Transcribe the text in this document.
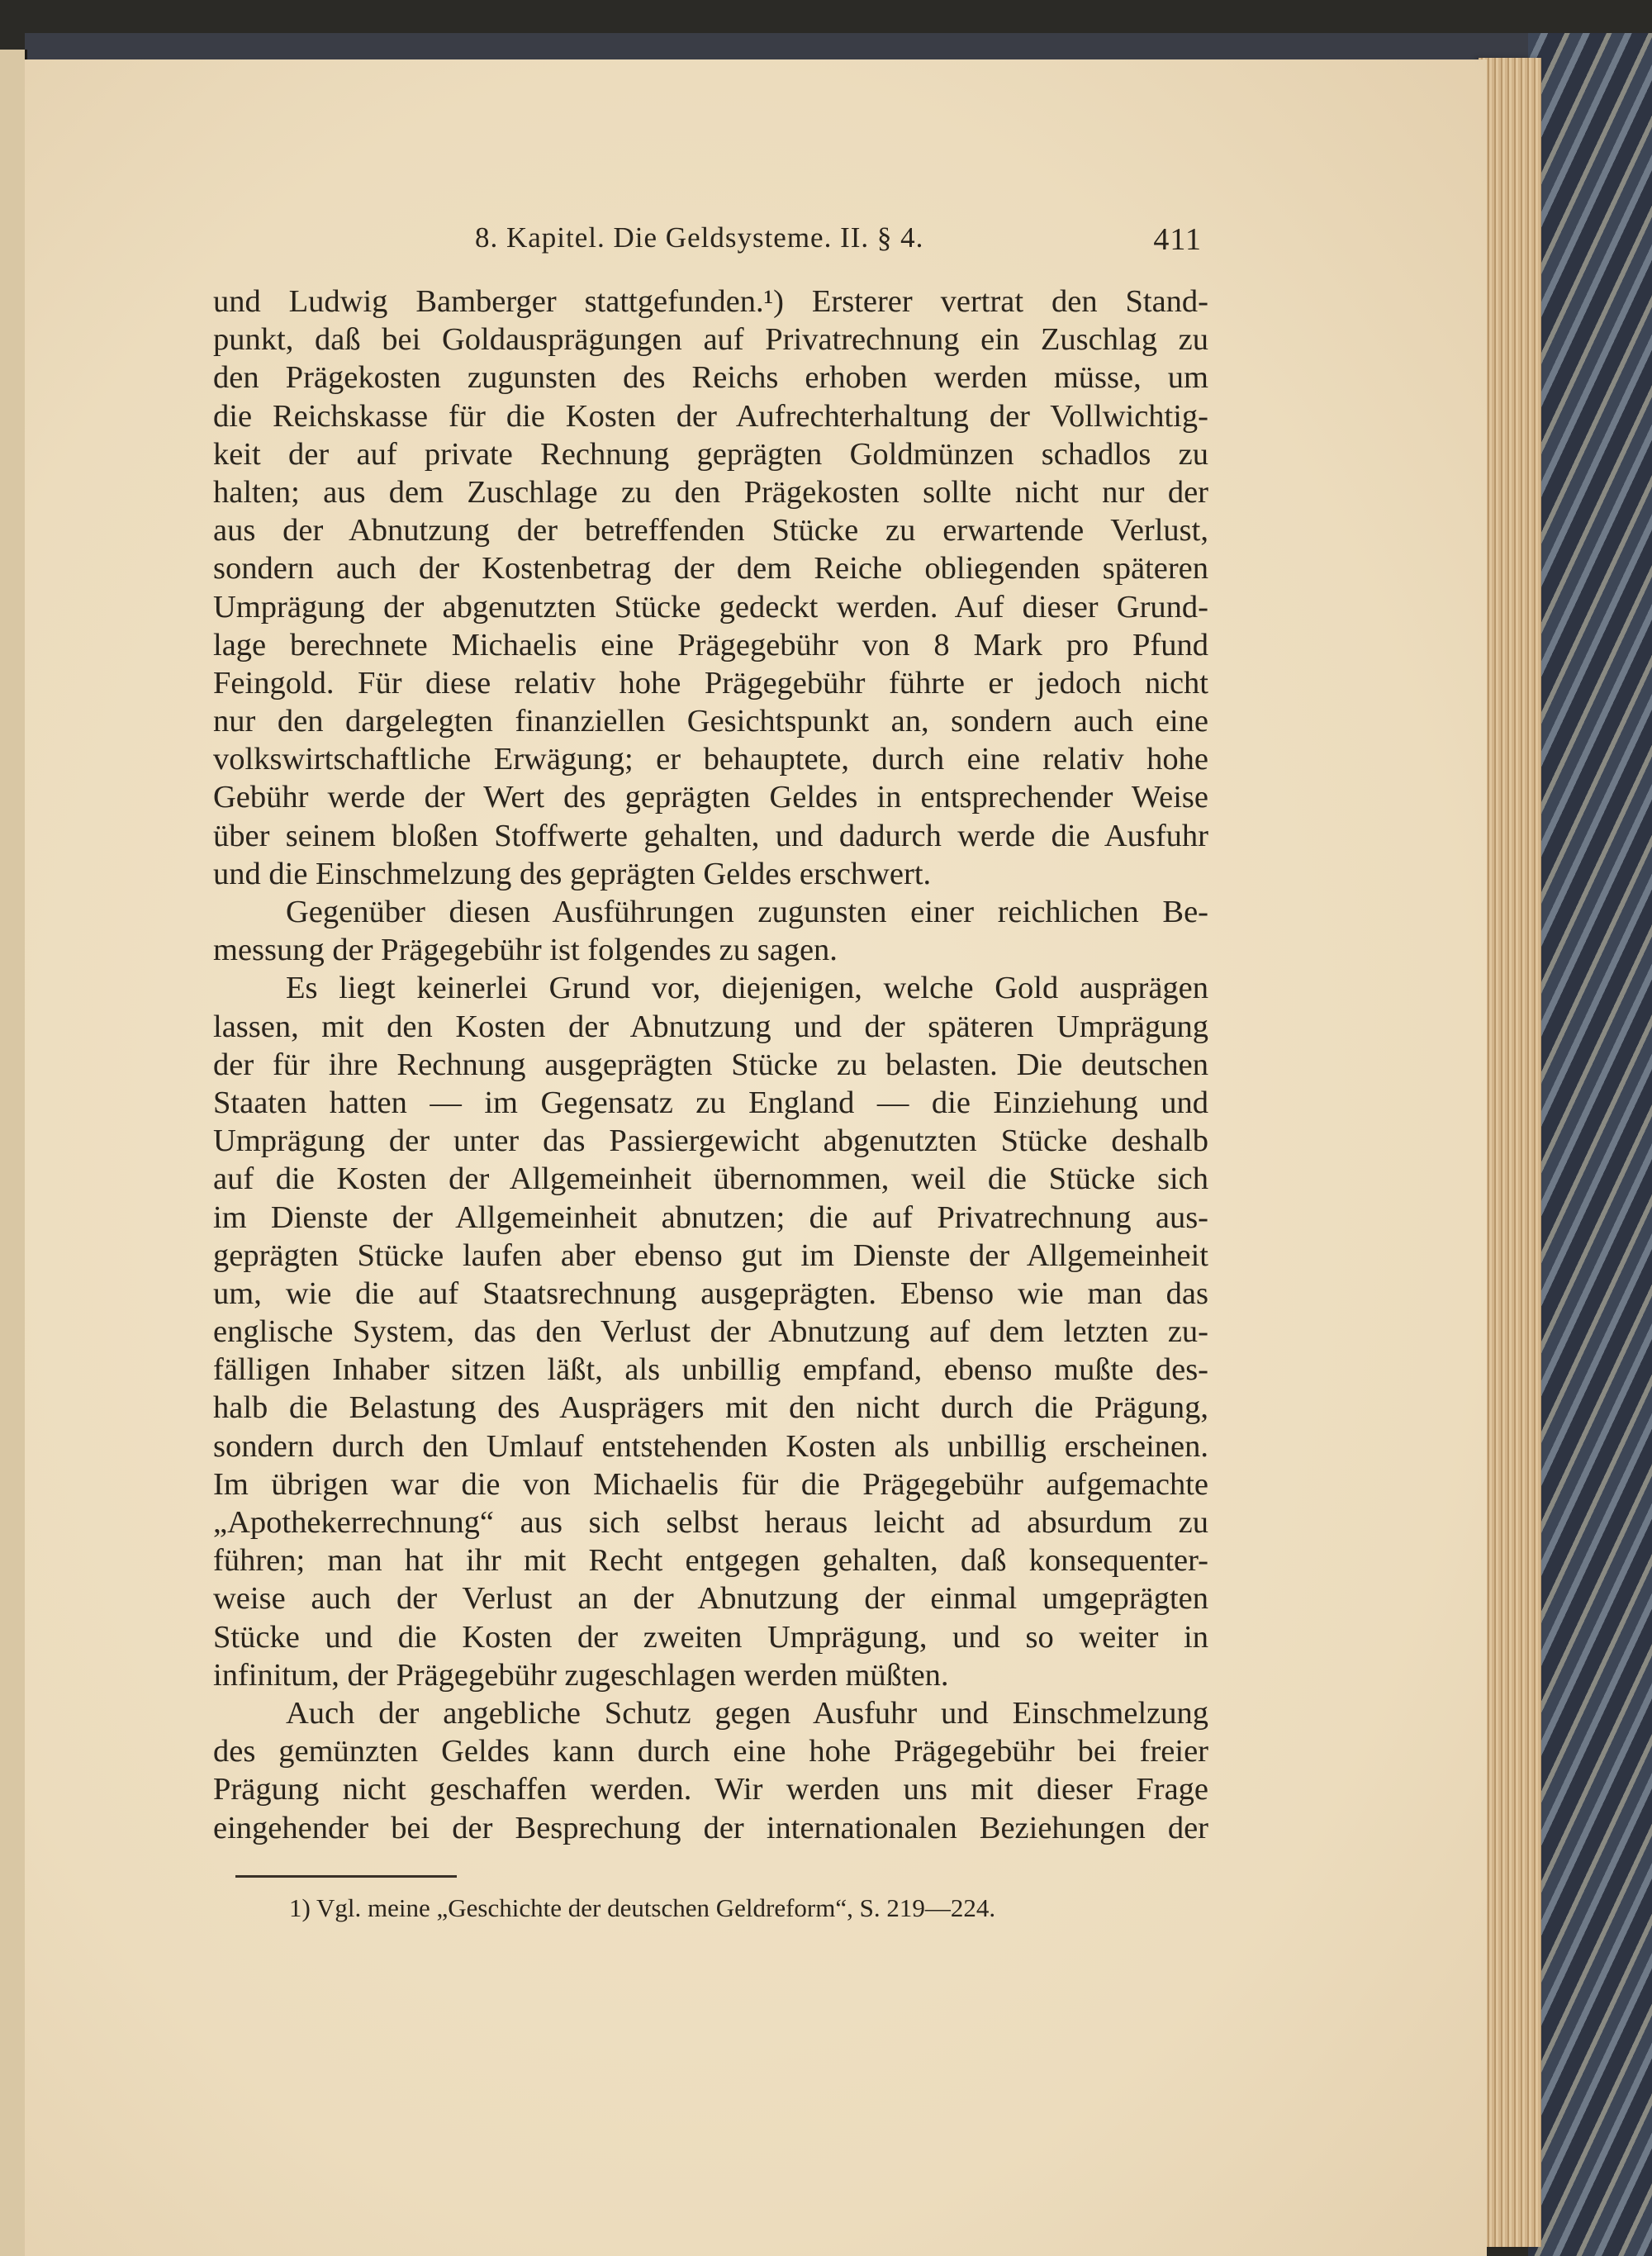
8. Kapitel. Die Geldsysteme. II. § 4.	411
und Ludwig Bamberger stattgefunden.¹) Ersterer vertrat den Stand-
punkt, daß bei Goldausprägungen auf Privatrechnung ein Zuschlag zu
den Prägekosten zugunsten des Reichs erhoben werden müsse, um
die Reichskasse für die Kosten der Aufrechterhaltung der Vollwichtig-
keit der auf private Rechnung geprägten Goldmünzen schadlos zu
halten; aus dem Zuschlage zu den Prägekosten sollte nicht nur der
aus der Abnutzung der betreffenden Stücke zu erwartende Verlust,
sondern auch der Kostenbetrag der dem Reiche obliegenden späteren
Umprägung der abgenutzten Stücke gedeckt werden. Auf dieser Grund-
lage berechnete Michaelis eine Prägegebühr von 8 Mark pro Pfund
Feingold. Für diese relativ hohe Prägegebühr führte er jedoch nicht
nur den dargelegten finanziellen Gesichtspunkt an, sondern auch eine
volkswirtschaftliche Erwägung; er behauptete, durch eine relativ hohe
Gebühr werde der Wert des geprägten Geldes in entsprechender Weise
über seinem bloßen Stoffwerte gehalten, und dadurch werde die Ausfuhr
und die Einschmelzung des geprägten Geldes erschwert.
Gegenüber diesen Ausführungen zugunsten einer reichlichen Be-
messung der Prägegebühr ist folgendes zu sagen.
Es liegt keinerlei Grund vor, diejenigen, welche Gold ausprägen
lassen, mit den Kosten der Abnutzung und der späteren Umprägung
der für ihre Rechnung ausgeprägten Stücke zu belasten. Die deutschen
Staaten hatten — im Gegensatz zu England — die Einziehung und
Umprägung der unter das Passiergewicht abgenutzten Stücke deshalb
auf die Kosten der Allgemeinheit übernommen, weil die Stücke sich
im Dienste der Allgemeinheit abnutzen; die auf Privatrechnung aus-
geprägten Stücke laufen aber ebenso gut im Dienste der Allgemeinheit
um, wie die auf Staatsrechnung ausgeprägten. Ebenso wie man das
englische System, das den Verlust der Abnutzung auf dem letzten zu-
fälligen Inhaber sitzen läßt, als unbillig empfand, ebenso mußte des-
halb die Belastung des Ausprägers mit den nicht durch die Prägung,
sondern durch den Umlauf entstehenden Kosten als unbillig erscheinen.
Im übrigen war die von Michaelis für die Prägegebühr aufgemachte
„Apothekerrechnung“ aus sich selbst heraus leicht ad absurdum zu
führen; man hat ihr mit Recht entgegen gehalten, daß konsequenter-
weise auch der Verlust an der Abnutzung der einmal umgeprägten
Stücke und die Kosten der zweiten Umprägung, und so weiter in
infinitum, der Prägegebühr zugeschlagen werden müßten.
Auch der angebliche Schutz gegen Ausfuhr und Einschmelzung
des gemünzten Geldes kann durch eine hohe Prägegebühr bei freier
Prägung nicht geschaffen werden. Wir werden uns mit dieser Frage
eingehender bei der Besprechung der internationalen Beziehungen der
1) Vgl. meine „Geschichte der deutschen Geldreform“, S. 219—224.
